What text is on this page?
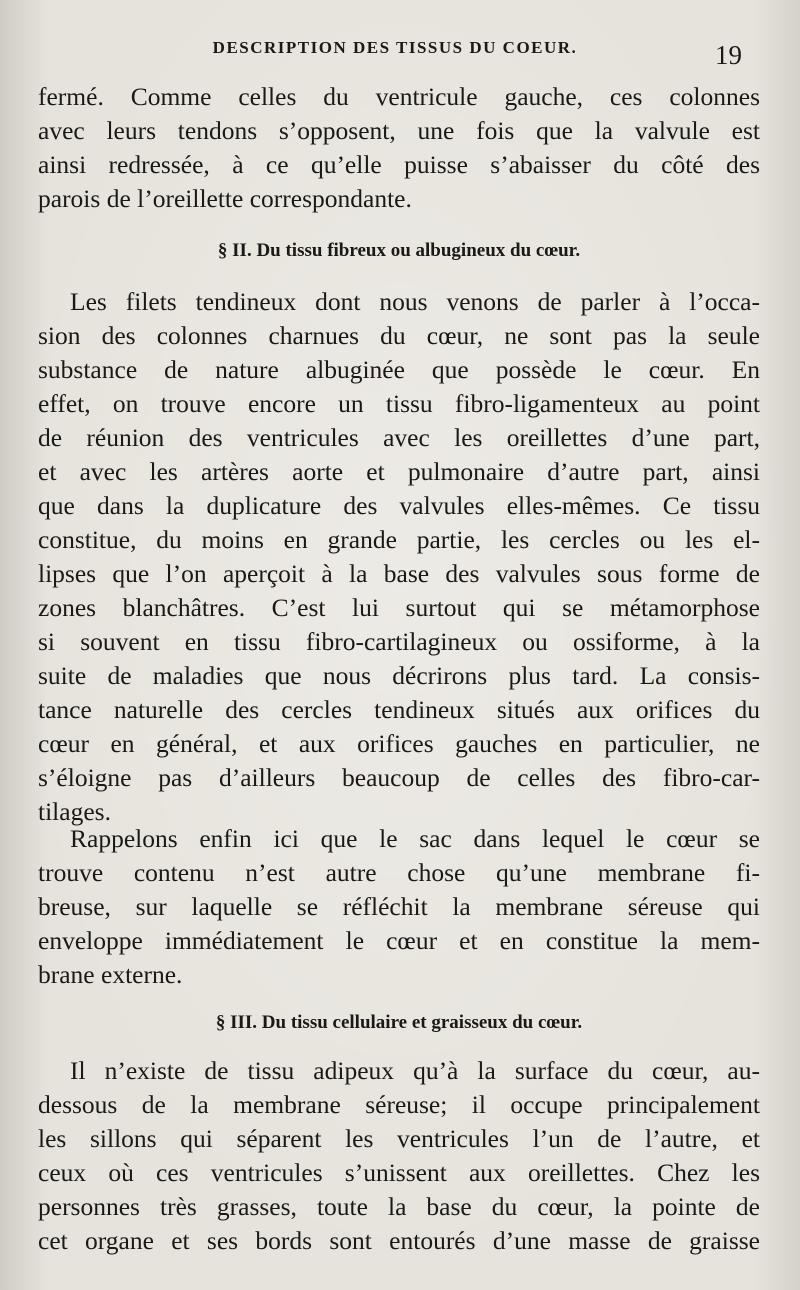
DESCRIPTION DES TISSUS DU COEUR.	19
fermé. Comme celles du ventricule gauche, ces colonnes
avec leurs tendons s’opposent, une fois que la valvule est
ainsi redressée, à ce qu’elle puisse s’abaisser du côté des
parois de l’oreillette correspondante.
§ II. Du tissu fibreux ou albugineux du cœur.
Les filets tendineux dont nous venons de parler à l’occa-
sion des colonnes charnues du cœur, ne sont pas la seule
substance de nature albuginée que possède le cœur. En
effet, on trouve encore un tissu fibro-ligamenteux au point
de réunion des ventricules avec les oreillettes d’une part,
et avec les artères aorte et pulmonaire d’autre part, ainsi
que dans la duplicature des valvules elles-mêmes. Ce tissu
constitue, du moins en grande partie, les cercles ou les el-
lipses que l’on aperçoit à la base des valvules sous forme de
zones blanchâtres. C’est lui surtout qui se métamorphose
si souvent en tissu fibro-cartilagineux ou ossiforme, à la
suite de maladies que nous décrirons plus tard. La consis-
tance naturelle des cercles tendineux situés aux orifices du
cœur en général, et aux orifices gauches en particulier, ne
s’éloigne pas d’ailleurs beaucoup de celles des fibro-car-
tilages.
Rappelons enfin ici que le sac dans lequel le cœur se
trouve contenu n’est autre chose qu’une membrane fi-
breuse, sur laquelle se réfléchit la membrane séreuse qui
enveloppe immédiatement le cœur et en constitue la mem-
brane externe.
§ III. Du tissu cellulaire et graisseux du cœur.
Il n’existe de tissu adipeux qu’à la surface du cœur, au-
dessous de la membrane séreuse; il occupe principalement
les sillons qui séparent les ventricules l’un de l’autre, et
ceux où ces ventricules s’unissent aux oreillettes. Chez les
personnes très grasses, toute la base du cœur, la pointe de
cet organe et ses bords sont entourés d’une masse de graisse
